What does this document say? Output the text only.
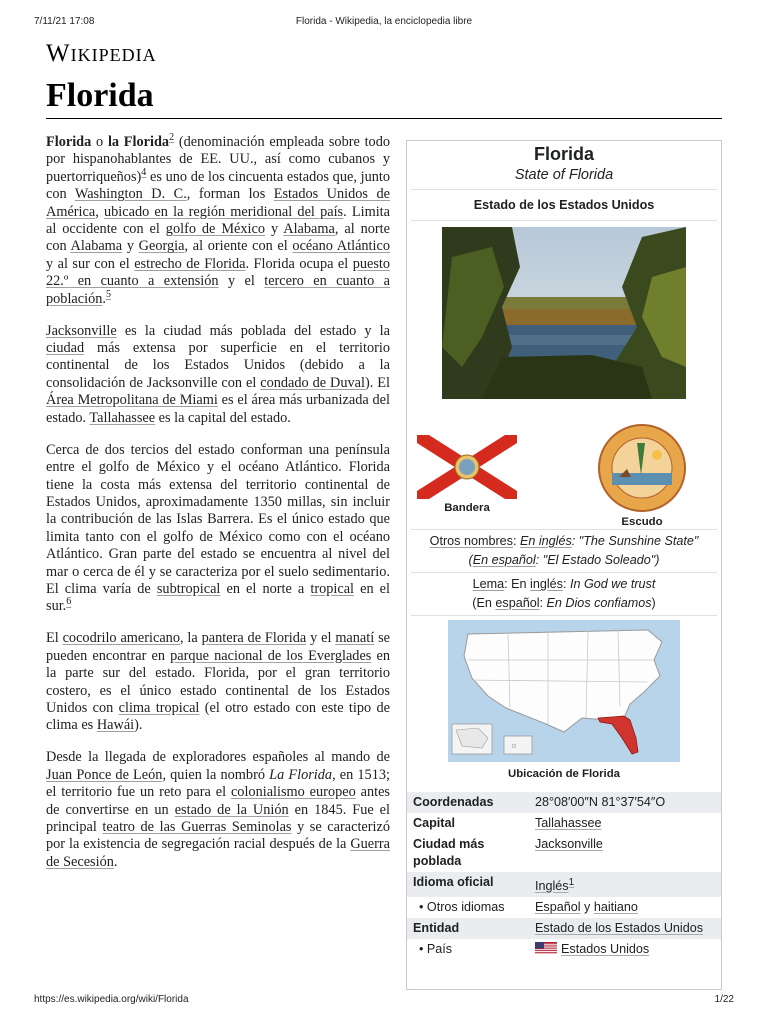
7/11/21 17:08	Florida - Wikipedia, la enciclopedia libre
Wikipedia
Florida

Florida o la Florida$^2$ (denominación empleada sobre todo por hispanohablantes de EE. UU., así como cubanos y puertorriqueños)$^4$ es uno de los cincuenta estados que, junto con Washington D. C., forman los Estados Unidos de América, ubicado en la región meridional del país. Limita al occidente con el golfo de México y Alabama, al norte con Alabama y Georgia, al oriente con el océano Atlántico y al sur con el estrecho de Florida. Florida ocupa el puesto 22.º en cuanto a extensión y el tercero en cuanto a población.$^5$

Jacksonville es la ciudad más poblada del estado y la ciudad más extensa por superficie en el territorio continental de los Estados Unidos (debido a la consolidación de Jacksonville con el condado de Duval). El Área Metropolitana de Miami es el área más urbanizada del estado. Tallahassee es la capital del estado.

Cerca de dos tercios del estado conforman una península entre el golfo de México y el océano Atlántico. Florida tiene la costa más extensa del territorio continental de Estados Unidos, aproximadamente 1350 millas, sin incluir la contribución de las Islas Barrera. Es el único estado que limita tanto con el golfo de México como con el océano Atlántico. Gran parte del estado se encuentra al nivel del mar o cerca de él y se caracteriza por el suelo sedimentario. El clima varía de subtropical en el norte a tropical en el sur.$^6$

El cocodrilo americano, la pantera de Florida y el manatí se pueden encontrar en parque nacional de los Everglades en la parte sur del estado. Florida, por el gran territorio costero, es el único estado continental de los Estados Unidos con clima tropical (el otro estado con este tipo de clima es Hawái).

Desde la llegada de exploradores españoles al mando de Juan Ponce de León, quien la nombró La Florida, en 1513; el territorio fue un reto para el colonialismo europeo antes de convertirse en un estado de la Unión en 1845. Fue el principal teatro de las Guerras Seminolas y se caracterizó por la existencia de segregación racial después de la Guerra de Secesión.

Florida
State of Florida
Estado de los Estados Unidos
Bandera
Escudo
Otros nombres: En inglés: "The Sunshine State"
(En español: "El Estado Soleado")
Lema: En inglés: In God we trust
(En español: En Dios confiamos)
Ubicación de Florida
Coordenadas	28°08′00″N 81°37′54″O
Capital	Tallahassee
Ciudad más poblada	Jacksonville
Idioma oficial	Inglés$^1$
• Otros idiomas	Español y haitiano
Entidad	Estado de los Estados Unidos
• País	Estados Unidos
https://es.wikipedia.org/wiki/Florida	1/22
